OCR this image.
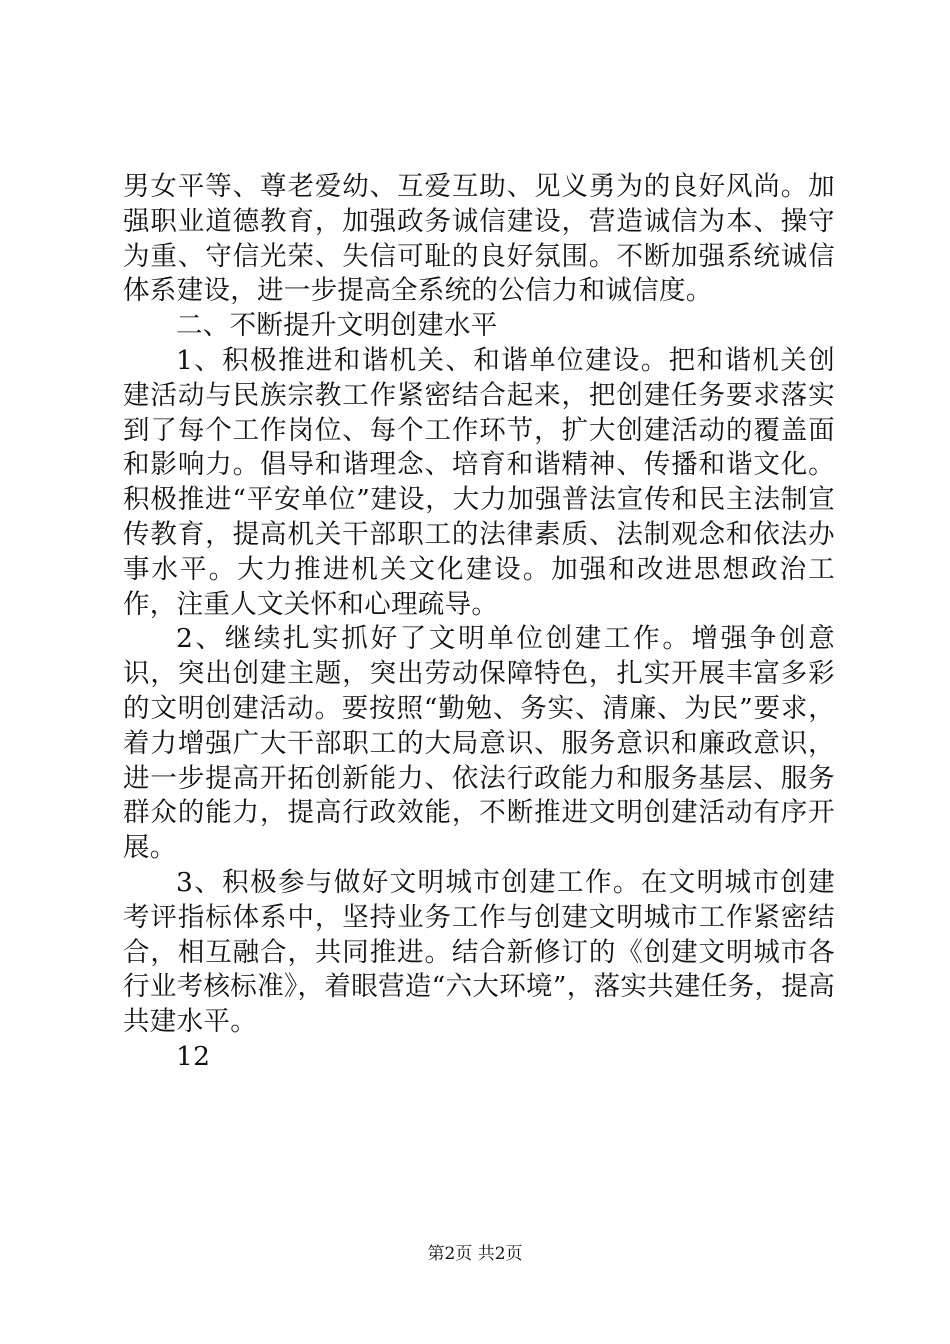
男女平等、尊老爱幼、互爱互助、见义勇为的良好风尚。加强职业道德教育，加强政务诚信建设，营造诚信为本、操守为重、守信光荣、失信可耻的良好氛围。不断加强系统诚信体系建设，进一步提高全系统的公信力和诚信度。

二、不断提升文明创建水平

1、积极推进和谐机关、和谐单位建设。把和谐机关创建活动与民族宗教工作紧密结合起来，把创建任务要求落实到了每个工作岗位、每个工作环节，扩大创建活动的覆盖面和影响力。倡导和谐理念、培育和谐精神、传播和谐文化。积极推进“平安单位”建设，大力加强普法宣传和民主法制宣传教育，提高机关干部职工的法律素质、法制观念和依法办事水平。大力推进机关文化建设。加强和改进思想政治工作，注重人文关怀和心理疏导。

2、继续扎实抓好了文明单位创建工作。增强争创意识，突出创建主题，突出劳动保障特色，扎实开展丰富多彩的文明创建活动。要按照“勤勉、务实、清廉、为民”要求，着力增强广大干部职工的大局意识、服务意识和廉政意识，进一步提高开拓创新能力、依法行政能力和服务基层、服务群众的能力，提高行政效能，不断推进文明创建活动有序开展。

3、积极参与做好文明城市创建工作。在文明城市创建考评指标体系中，坚持业务工作与创建文明城市工作紧密结合，相互融合，共同推进。结合新修订的《创建文明城市各行业考核标准》，着眼营造“六大环境”，落实共建任务，提高共建水平。

12

第2页 共2页
